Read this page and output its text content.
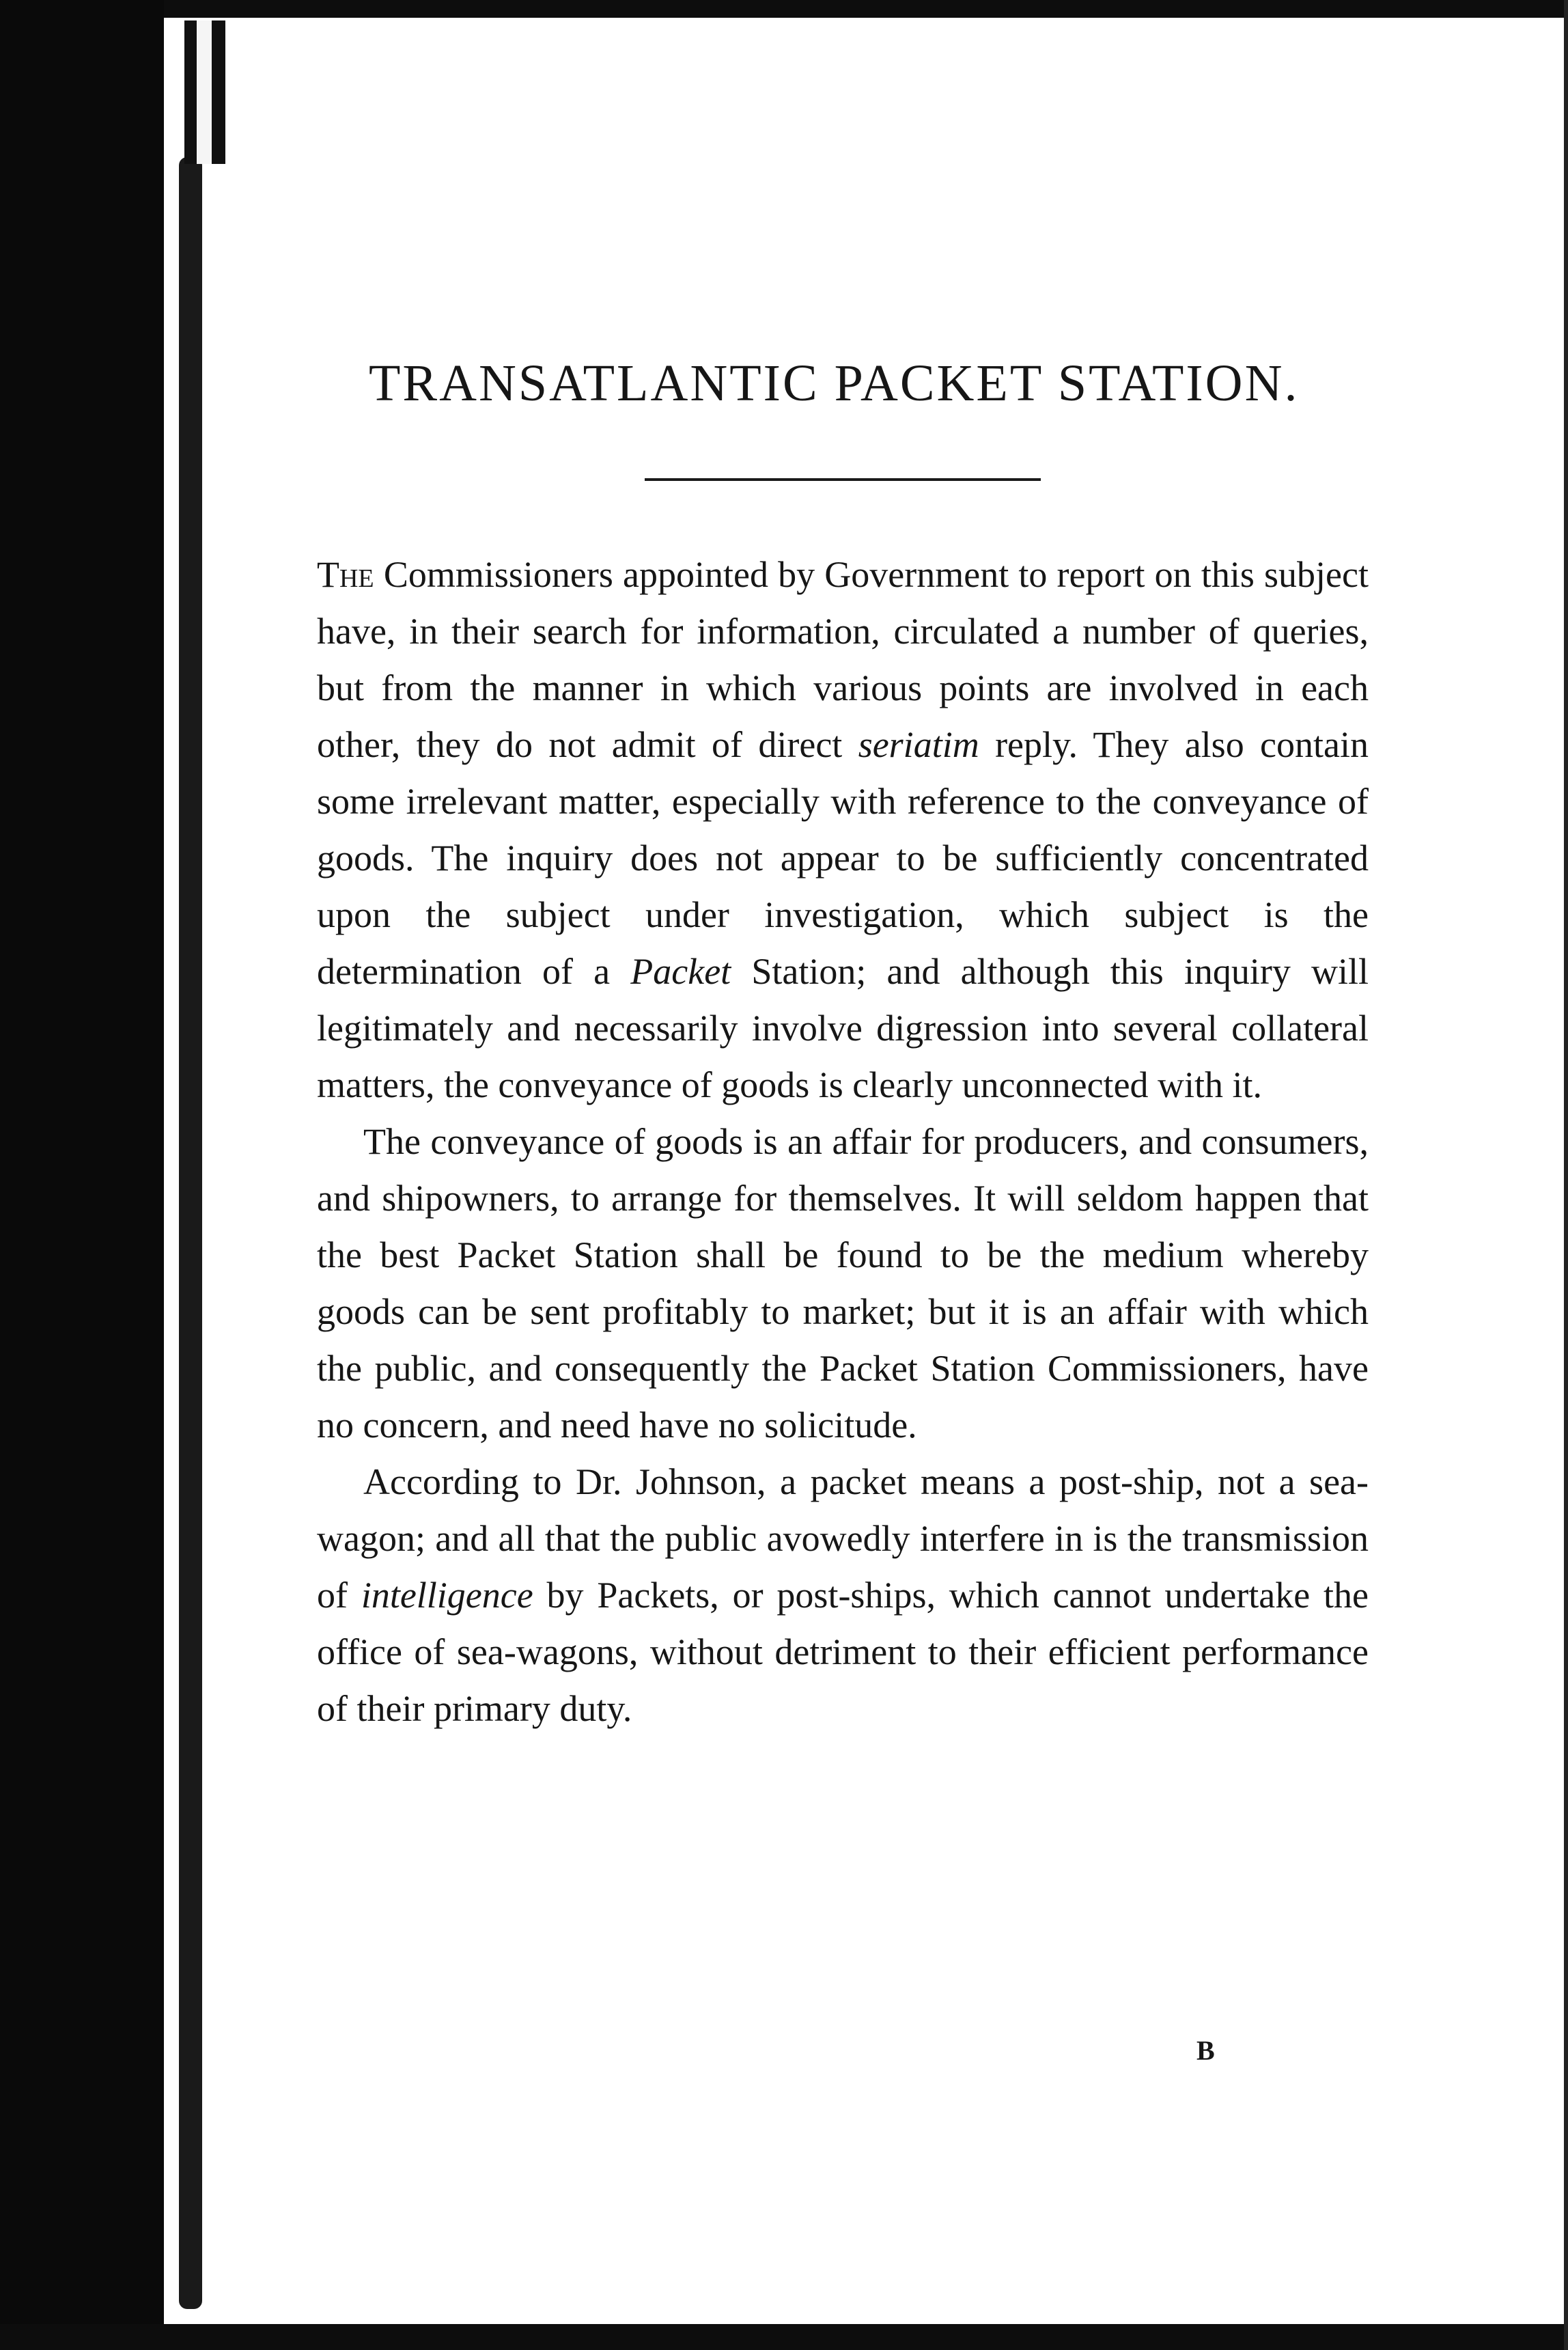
TRANSATLANTIC PACKET STATION.

The Commissioners appointed by Government to report on this subject have, in their search for information, circulated a number of queries, but from the manner in which various points are involved in each other, they do not admit of direct seriatim reply. They also contain some irrelevant matter, especially with reference to the conveyance of goods. The inquiry does not appear to be sufficiently concentrated upon the subject under investigation, which subject is the determination of a Packet Station; and although this inquiry will legitimately and necessarily involve digression into several collateral matters, the conveyance of goods is clearly unconnected with it.

The conveyance of goods is an affair for producers, and consumers, and shipowners, to arrange for themselves. It will seldom happen that the best Packet Station shall be found to be the medium whereby goods can be sent profitably to market; but it is an affair with which the public, and consequently the Packet Station Commissioners, have no concern, and need have no solicitude.

According to Dr. Johnson, a packet means a post-ship, not a sea-wagon; and all that the public avowedly interfere in is the transmission of intelligence by Packets, or post-ships, which cannot undertake the office of sea-wagons, without detriment to their efficient performance of their primary duty.

B
